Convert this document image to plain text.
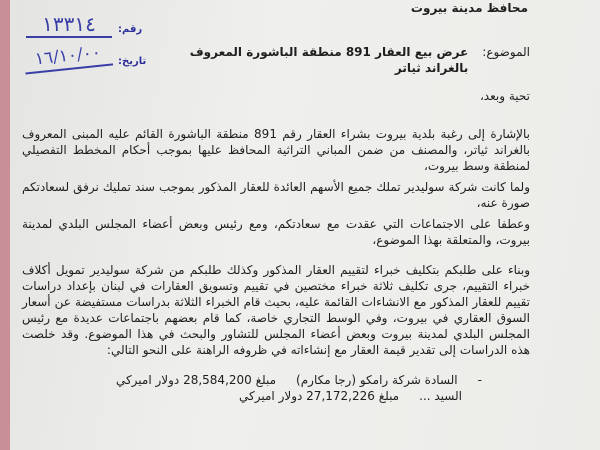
محافظ مدينة بيروت
رقم:
١٣٣١٤
تاريخ:
١٦/١٠/٠٠	الموضوع:
عرض بيع العقار 891 منطقة الباشورة المعروف بالغراند ثياتر
تحية وبعد،

بالإشارة إلى رغبة بلدية بيروت بشراء العقار رقم 891 منطقة الباشورة القائم عليه المبنى المعروف بالغراند ثياتر، والمصنف من ضمن المباني التراثية المحافظ عليها بموجب أحكام المخطط التفصيلي لمنطقة وسط بيروت،

ولما كانت شركة سوليدير تملك جميع الأسهم العائدة للعقار المذكور بموجب سند تمليك نرفق لسعادتكم صورة عنه،

وعطفا على الاجتماعات التي عقدت مع سعادتكم، ومع رئيس وبعض أعضاء المجلس البلدي لمدينة بيروت، والمتعلقة بهذا الموضوع،

وبناء على طلبكم بتكليف خبراء لتقييم العقار المذكور وكذلك طلبكم من شركة سوليدير تمويل أكلاف خبراء التقييم، جرى تكليف ثلاثة خبراء مختصين في تقييم وتسويق العقارات في لبنان بإعداد دراسات تقييم للعقار المذكور مع الانشاءات القائمة عليه، بحيث قام الخبراء الثلاثة بدراسات مستفيضة عن أسعار السوق العقاري في بيروت، وفي الوسط التجاري خاصة، كما قام بعضهم باجتماعات عديدة مع رئيس المجلس البلدي لمدينة بيروت وبعض أعضاء المجلس للتشاور والبحث في هذا الموضوع. وقد خلصت هذه الدراسات إلى تقدير قيمة العقار مع إنشاءاته في ظروفه الراهنة على النحو التالي:

-
السادة شركة رامكو (رجا مكارم)
مبلغ 28,584,200 دولار اميركي
السيد ...
مبلغ 27,172,226 دولار اميركي
